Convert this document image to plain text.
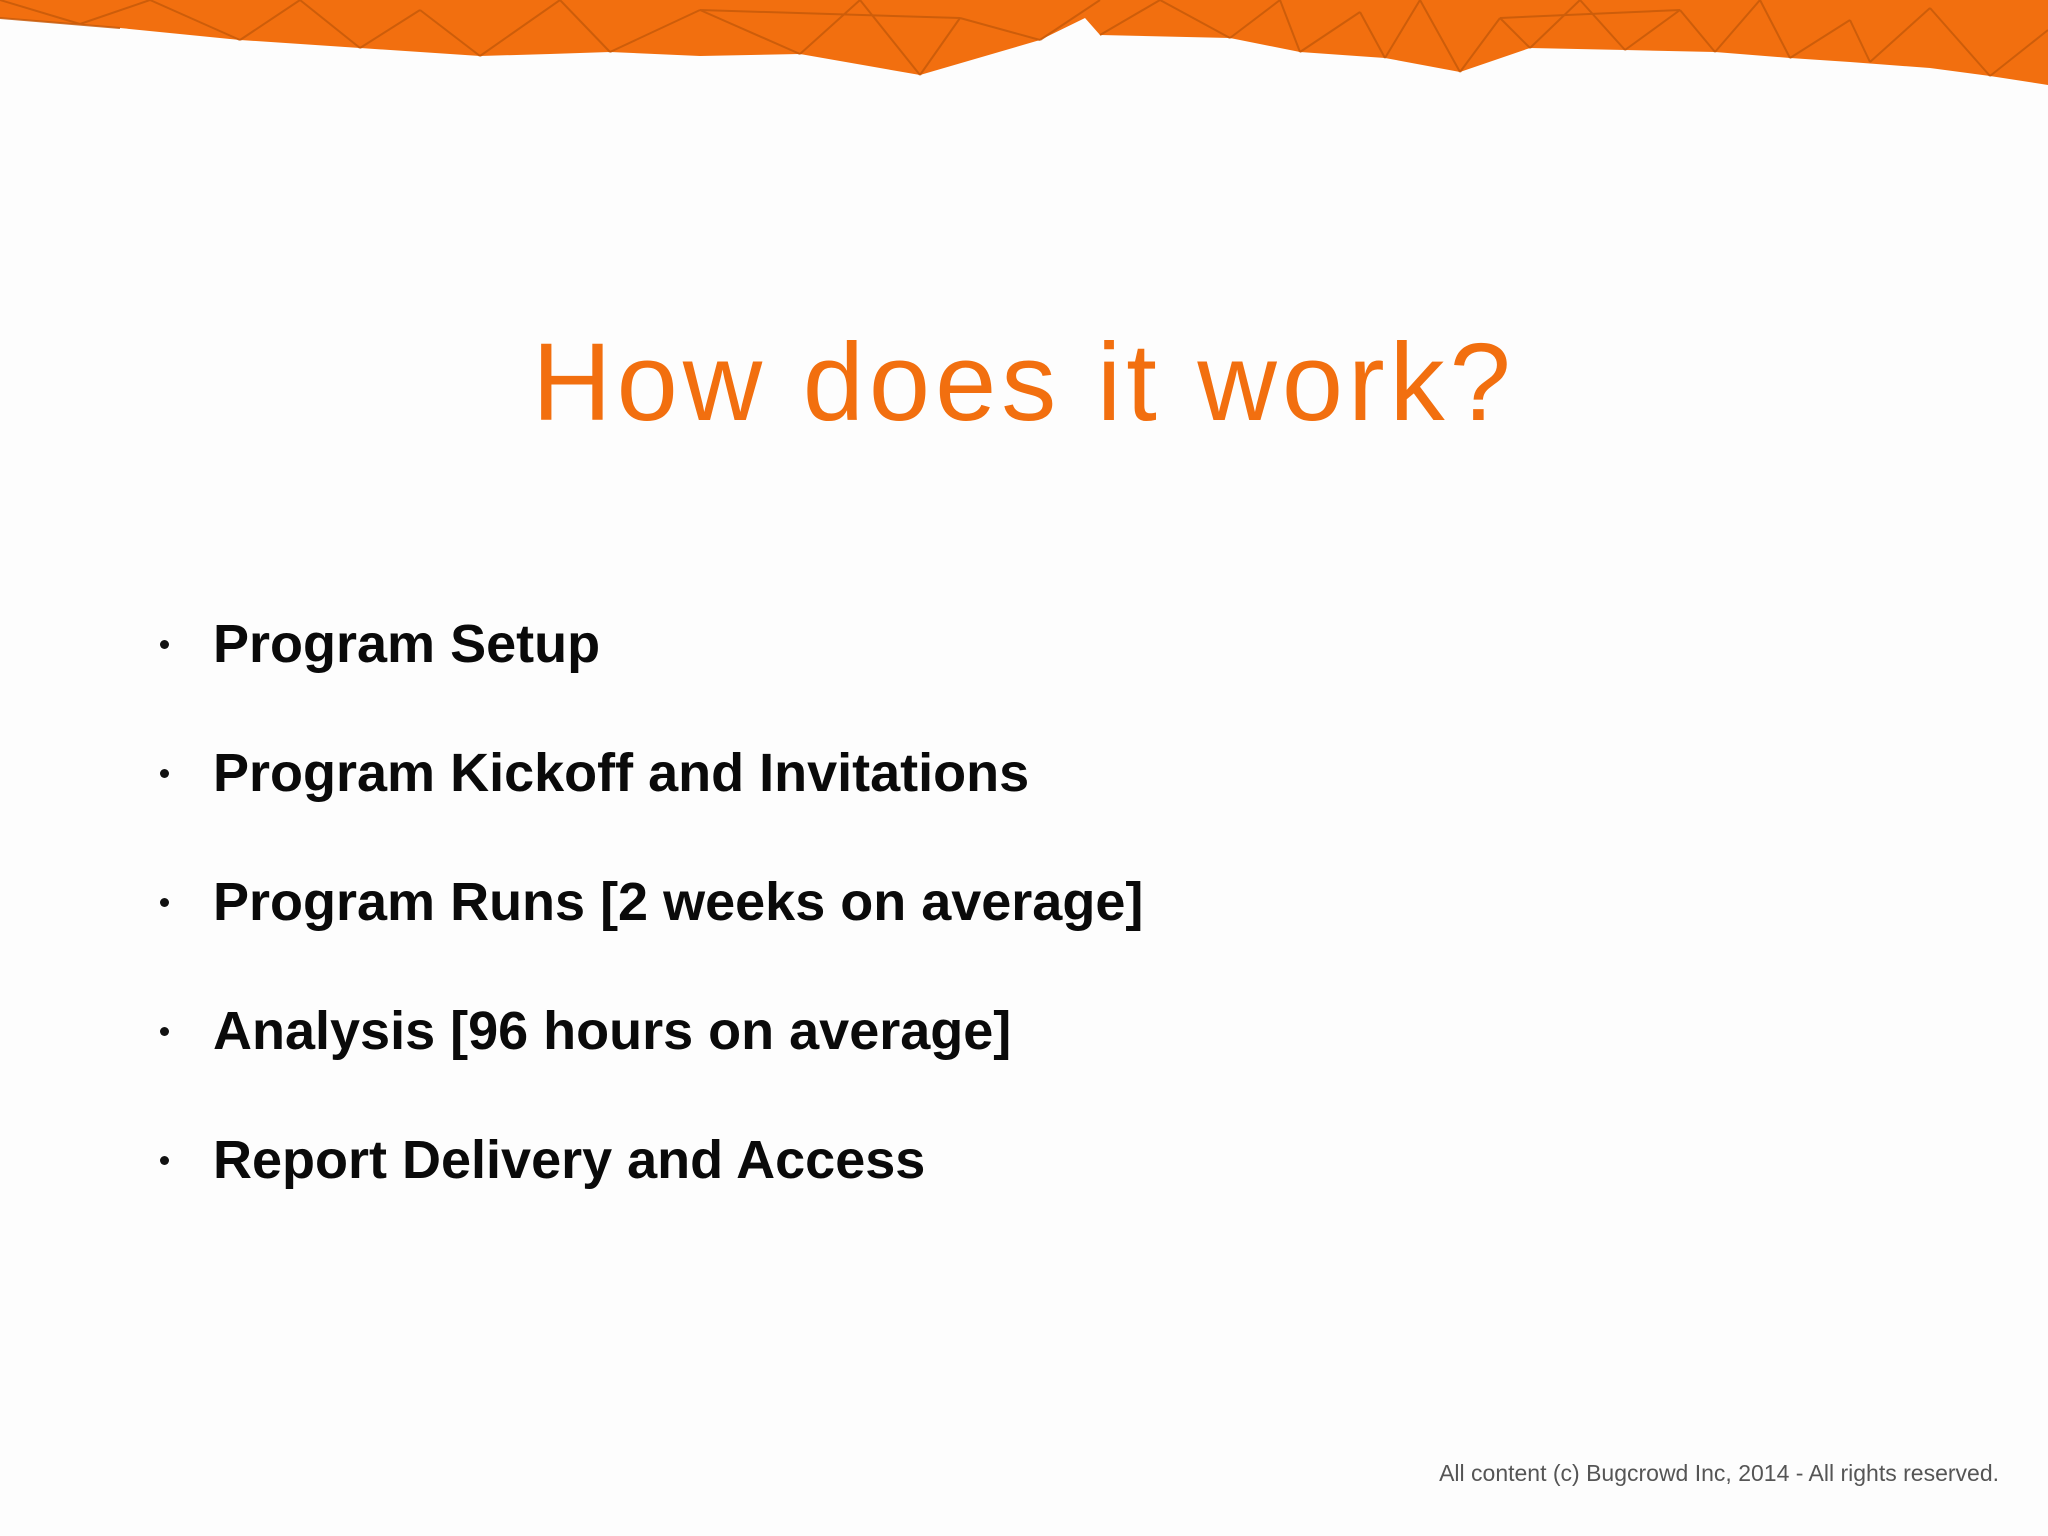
How does it work?
Program Setup
Program Kickoff and Invitations
Program Runs [2 weeks on average]
Analysis [96 hours on average]
Report Delivery and Access
All content (c) Bugcrowd Inc, 2014 - All rights reserved.
